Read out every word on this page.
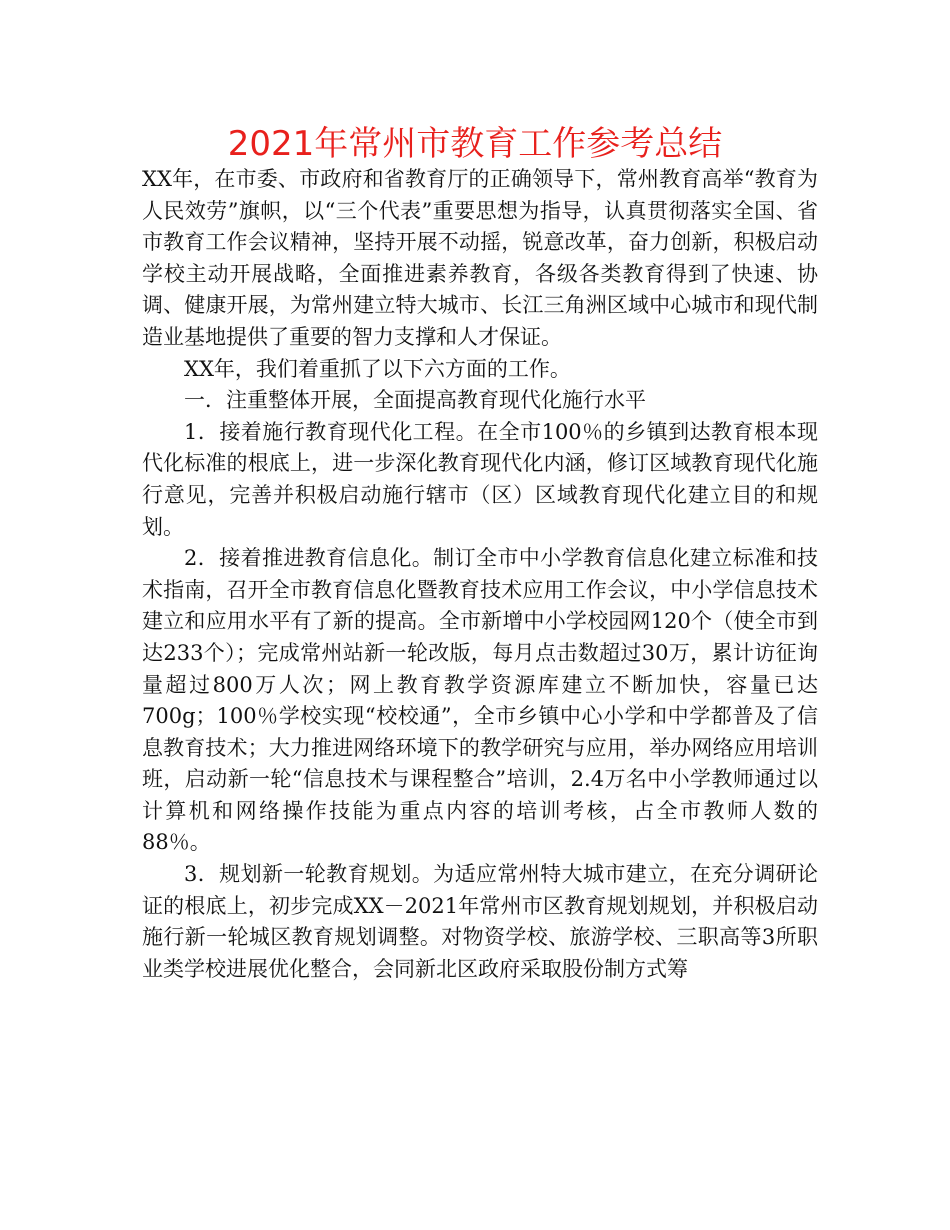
2021年常州市教育工作参考总结

XX年，在市委、市政府和省教育厅的正确领导下，常州教育高举“教育为人民效劳”旗帜，以“三个代表”重要思想为指导，认真贯彻落实全国、省市教育工作会议精神，坚持开展不动摇，锐意改革，奋力创新，积极启动学校主动开展战略，全面推进素养教育，各级各类教育得到了快速、协调、健康开展，为常州建立特大城市、长江三角洲区域中心城市和现代制造业基地提供了重要的智力支撑和人才保证。

XX年，我们着重抓了以下六方面的工作。

一．注重整体开展，全面提高教育现代化施行水平

1．接着施行教育现代化工程。在全市100％的乡镇到达教育根本现代化标准的根底上，进一步深化教育现代化内涵，修订区域教育现代化施行意见，完善并积极启动施行辖市（区）区域教育现代化建立目的和规划。

2．接着推进教育信息化。制订全市中小学教育信息化建立标准和技术指南，召开全市教育信息化暨教育技术应用工作会议，中小学信息技术建立和应用水平有了新的提高。全市新增中小学校园网120个（使全市到达233个）；完成常州站新一轮改版，每月点击数超过30万，累计访征询量超过800万人次；网上教育教学资源库建立不断加快，容量已达700g；100％学校实现“校校通”，全市乡镇中心小学和中学都普及了信息教育技术；大力推进网络环境下的教学研究与应用，举办网络应用培训班，启动新一轮“信息技术与课程整合”培训，2.4万名中小学教师通过以计算机和网络操作技能为重点内容的培训考核，占全市教师人数的88％。

3．规划新一轮教育规划。为适应常州特大城市建立，在充分调研论证的根底上，初步完成XX－2021年常州市区教育规划规划，并积极启动施行新一轮城区教育规划调整。对物资学校、旅游学校、三职高等3所职业类学校进展优化整合，会同新北区政府采取股份制方式筹
